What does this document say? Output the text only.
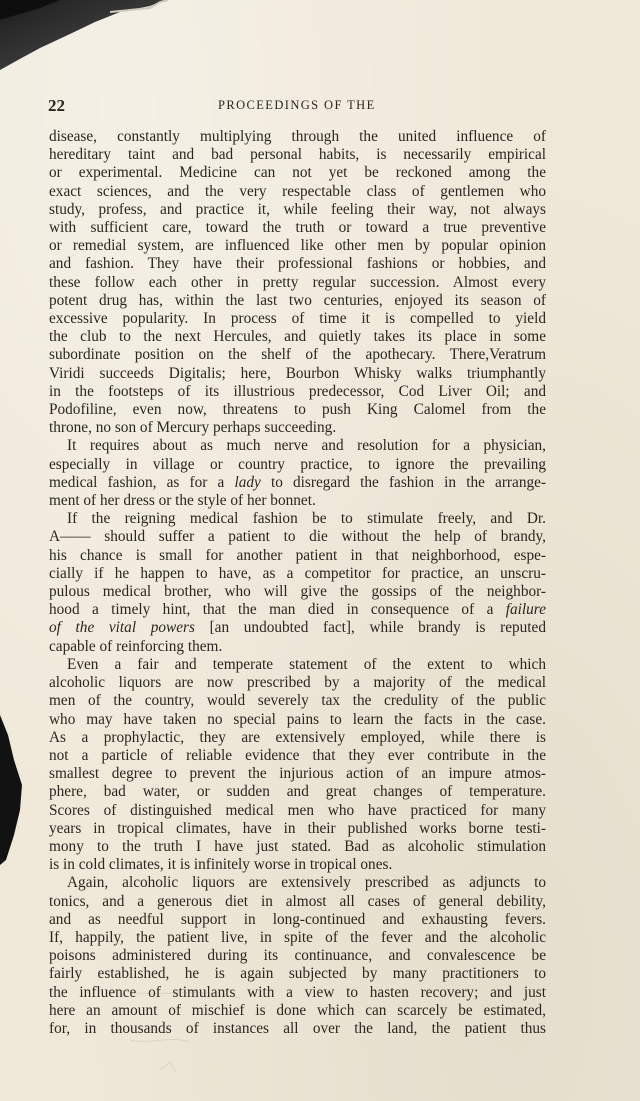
22	PROCEEDINGS OF THE

disease, constantly multiplying through the united influence of

hereditary taint and bad personal habits, is necessarily empirical

or experimental. Medicine can not yet be reckoned among the

exact sciences, and the very respectable class of gentlemen who

study, profess, and practice it, while feeling their way, not always

with sufficient care, toward the truth or toward a true preventive

or remedial system, are influenced like other men by popular opinion

and fashion. They have their professional fashions or hobbies, and

these follow each other in pretty regular succession. Almost every

potent drug has, within the last two centuries, enjoyed its season of

excessive popularity. In process of time it is compelled to yield

the club to the next Hercules, and quietly takes its place in some

subordinate position on the shelf of the apothecary. There,Veratrum

Viridi succeeds Digitalis; here, Bourbon Whisky walks triumphantly

in the footsteps of its illustrious predecessor, Cod Liver Oil; and

Podofiline, even now, threatens to push King Calomel from the

throne, no son of Mercury perhaps succeeding.

It requires about as much nerve and resolution for a physician,

especially in village or country practice, to ignore the prevailing

medical fashion, as for a lady to disregard the fashion in the arrange-

ment of her dress or the style of her bonnet.

If the reigning medical fashion be to stimulate freely, and Dr.

A—— should suffer a patient to die without the help of brandy,

his chance is small for another patient in that neighborhood, espe-

cially if he happen to have, as a competitor for practice, an unscru-

pulous medical brother, who will give the gossips of the neighbor-

hood a timely hint, that the man died in consequence of a failure

of the vital powers [an undoubted fact], while brandy is reputed

capable of reinforcing them.

Even a fair and temperate statement of the extent to which

alcoholic liquors are now prescribed by a majority of the medical

men of the country, would severely tax the credulity of the public

who may have taken no special pains to learn the facts in the case.

As a prophylactic, they are extensively employed, while there is

not a particle of reliable evidence that they ever contribute in the

smallest degree to prevent the injurious action of an impure atmos-

phere, bad water, or sudden and great changes of temperature.

Scores of distinguished medical men who have practiced for many

years in tropical climates, have in their published works borne testi-

mony to the truth I have just stated. Bad as alcoholic stimulation

is in cold climates, it is infinitely worse in tropical ones.

Again, alcoholic liquors are extensively prescribed as adjuncts to

tonics, and a generous diet in almost all cases of general debility,

and as needful support in long-continued and exhausting fevers.

If, happily, the patient live, in spite of the fever and the alcoholic

poisons administered during its continuance, and convalescence be

fairly established, he is again subjected by many practitioners to

the influence of stimulants with a view to hasten recovery; and just

here an amount of mischief is done which can scarcely be estimated,

for, in thousands of instances all over the land, the patient thus
